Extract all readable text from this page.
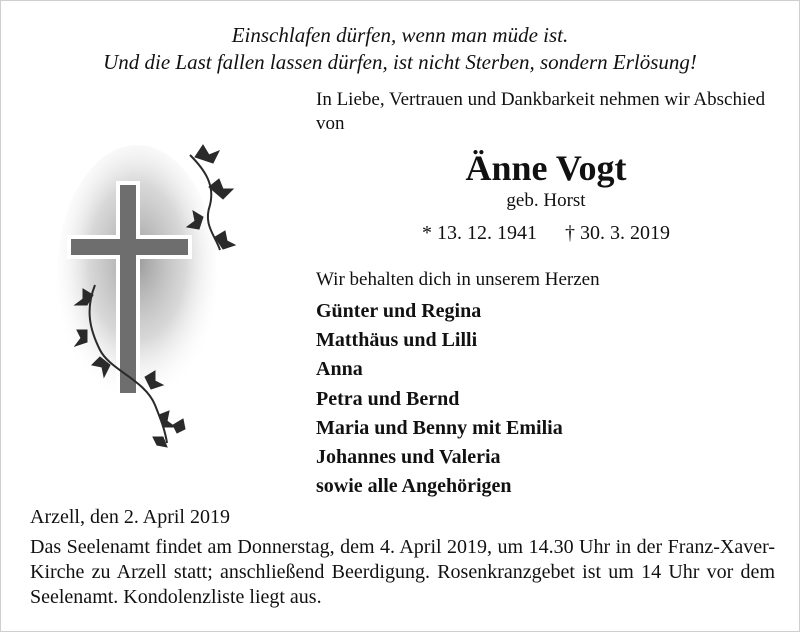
Einschlafen dürfen, wenn man müde ist.
Und die Last fallen lassen dürfen, ist nicht Sterben, sondern Erlösung!
In Liebe, Vertrauen und Dankbarkeit nehmen wir Abschied von
Änne Vogt
geb. Horst
* 13. 12. 1941 † 30. 3. 2019
Wir behalten dich in unserem Herzen
Günter und Regina
Matthäus und Lilli
Anna
Petra und Bernd
Maria und Benny mit Emilia
Johannes und Valeria
sowie alle Angehörigen
Arzell, den 2. April 2019
Das Seelenamt findet am Donnerstag, dem 4. April 2019, um 14.30 Uhr in der Franz-Xaver-Kirche zu Arzell statt; anschließend Beerdigung. Rosenkranzgebet ist um 14 Uhr vor dem Seelenamt. Kondolenzliste liegt aus.
